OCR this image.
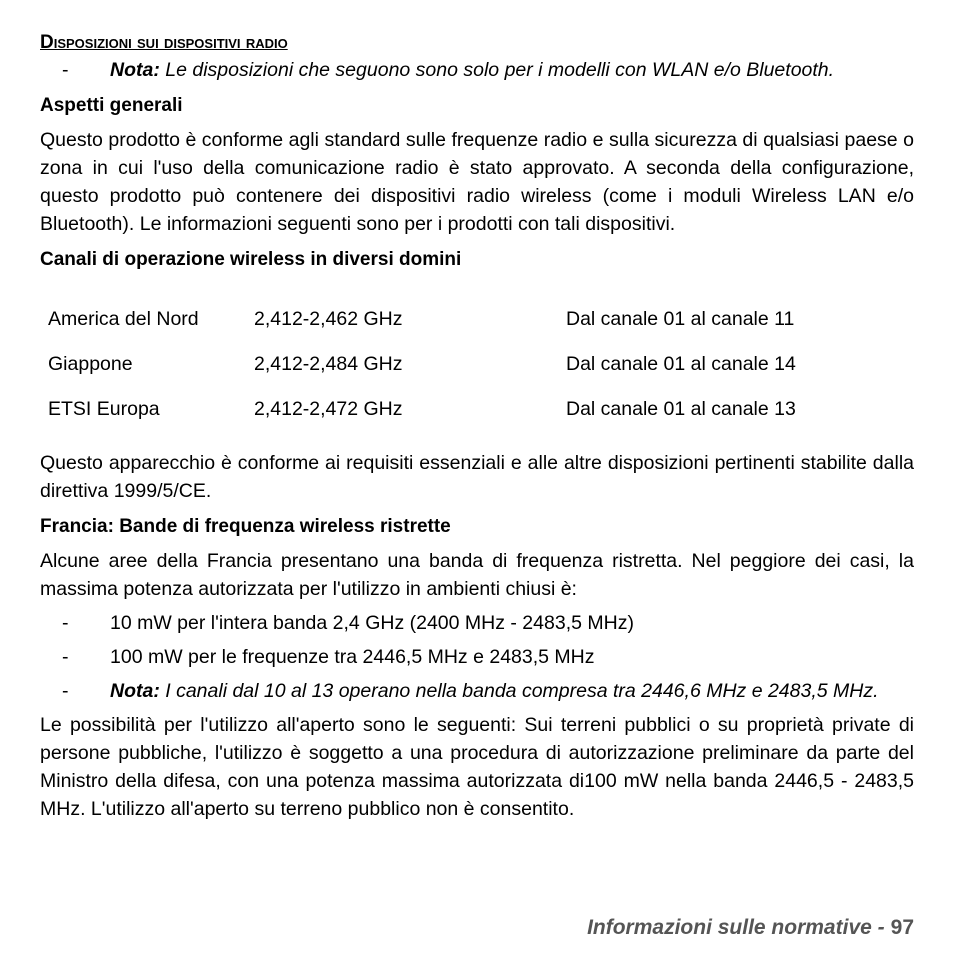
Disposizioni sui dispositivi radio
-	Nota: Le disposizioni che seguono sono solo per i modelli con WLAN e/o Bluetooth.
Aspetti generali

Questo prodotto è conforme agli standard sulle frequenze radio e sulla sicurezza di qualsiasi paese o zona in cui l'uso della comunicazione radio è stato approvato. A seconda della configurazione, questo prodotto può contenere dei dispositivi radio wireless (come i moduli Wireless LAN e/o Bluetooth). Le informazioni seguenti sono per i prodotti con tali dispositivi.

Canali di operazione wireless in diversi domini
America del Nord	2,412-2,462 GHz	Dal canale 01 al canale 11
Giappone	2,412-2,484 GHz	Dal canale 01 al canale 14
ETSI Europa	2,412-2,472 GHz	Dal canale 01 al canale 13

Questo apparecchio è conforme ai requisiti essenziali e alle altre disposizioni pertinenti stabilite dalla direttiva 1999/5/CE.

Francia: Bande di frequenza wireless ristrette

Alcune aree della Francia presentano una banda di frequenza ristretta. Nel peggiore dei casi, la massima potenza autorizzata per l'utilizzo in ambienti chiusi è:

-	10 mW per l'intera banda 2,4 GHz (2400 MHz - 2483,5 MHz)
-	100 mW per le frequenze tra 2446,5 MHz e 2483,5 MHz
-	Nota: I canali dal 10 al 13 operano nella banda compresa tra 2446,6 MHz e 2483,5 MHz.

Le possibilità per l'utilizzo all'aperto sono le seguenti: Sui terreni pubblici o su proprietà private di persone pubbliche, l'utilizzo è soggetto a una procedura di autorizzazione preliminare da parte del Ministro della difesa, con una potenza massima autorizzata di100 mW nella banda 2446,5 - 2483,5 MHz. L'utilizzo all'aperto su terreno pubblico non è consentito.

Informazioni sulle normative - 97
